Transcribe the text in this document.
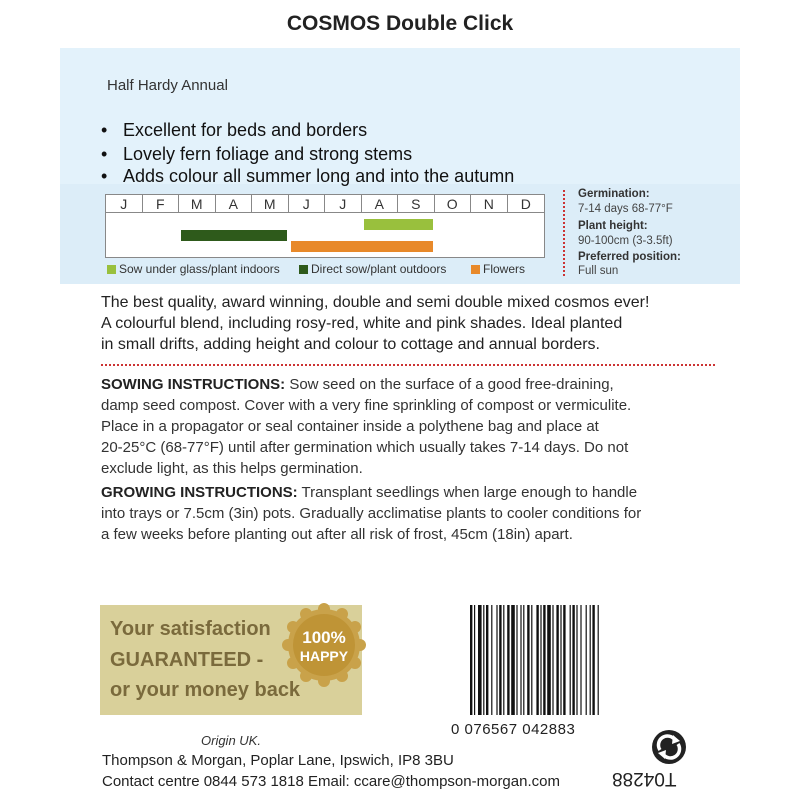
COSMOS Double Click
Half Hardy Annual
• Excellent for beds and borders
• Lovely fern foliage and strong stems
• Adds colour all summer long and into the autumn
J	F	M	A	M	J	J	A	S	O	N	D
Sow under glass/plant indoors	Direct sow/plant outdoors	Flowers
Germination:
7-14 days 68-77°F
Plant height:
90-100cm (3-3.5ft)
Preferred position:
Full sun
The best quality, award winning, double and semi double mixed cosmos ever!
A colourful blend, including rosy-red, white and pink shades. Ideal planted
in small drifts, adding height and colour to cottage and annual borders.
SOWING INSTRUCTIONS: Sow seed on the surface of a good free-draining,
damp seed compost. Cover with a very fine sprinkling of compost or vermiculite.
Place in a propagator or seal container inside a polythene bag and place at
20-25°C (68-77°F) until after germination which usually takes 7-14 days. Do not
exclude light, as this helps germination.
GROWING INSTRUCTIONS: Transplant seedlings when large enough to handle
into trays or 7.5cm (3in) pots. Gradually acclimatise plants to cooler conditions for
a few weeks before planting out after all risk of frost, 45cm (18in) apart.
Your satisfaction
GUARANTEED -
or your money back
100%
HAPPY
0 076567 042883
Origin UK.
Thompson & Morgan, Poplar Lane, Ipswich, IP8 3BU
Contact centre 0844 573 1818 Email: ccare@thompson-morgan.com	T04288
